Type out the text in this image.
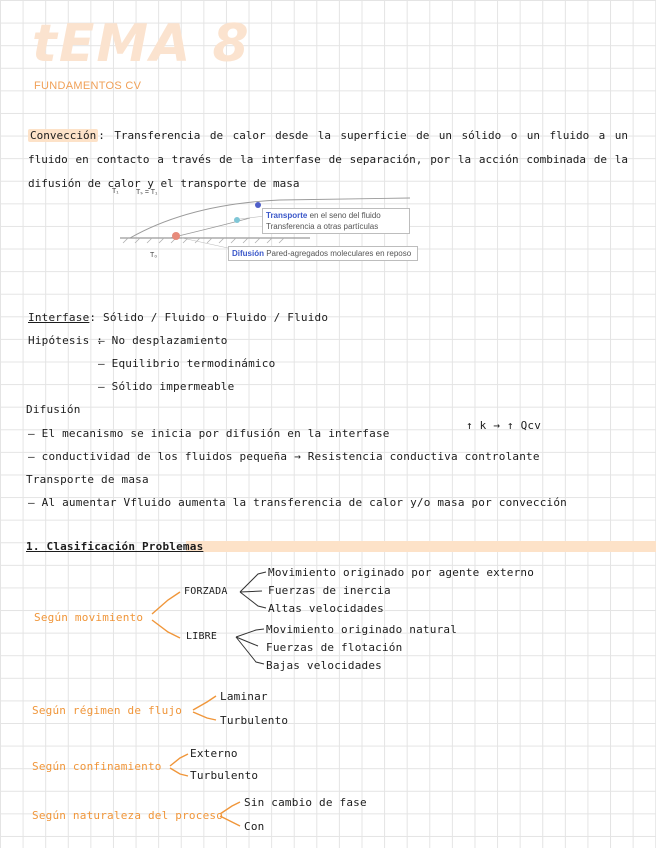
tEMA 8
FUNDAMENTOS CV
Convección : Transferencia de calor desde la superficie de un sólido o un fluido a un fluido en contacto a través de la interfase de separación, por la acción combinada de la difusión de calor y el transporte de masa
T₁ Tₛ = T₁
T₀
Transporte en el seno del fluido
Transferencia a otras partículas
Difusión Pared-agregados moleculares en reposo
Interfase: Sólido / Fluido o Fluido / Fluido
Hipótesis :
— No desplazamiento
— Equilibrio termodinámico
— Sólido impermeable
Difusión
— El mecanismo se inicia por difusión en la interfase
↑ k → ↑ Qcv
— conductividad de los fluidos pequeña → Resistencia conductiva controlante
Transporte de masa
— Al aumentar Vfluido aumenta la transferencia de calor y/o masa por convección
1. Clasificación Problemas
Según movimiento
FORZADA
Movimiento originado por agente externo
Fuerzas de inercia
Altas velocidades
LIBRE
Movimiento originado natural
Fuerzas de flotación
Bajas velocidades
Según régimen de flujo
Laminar
Turbulento
Según confinamiento
Externo
Turbulento
Según naturaleza del proceso
Sin cambio de fase
Con
